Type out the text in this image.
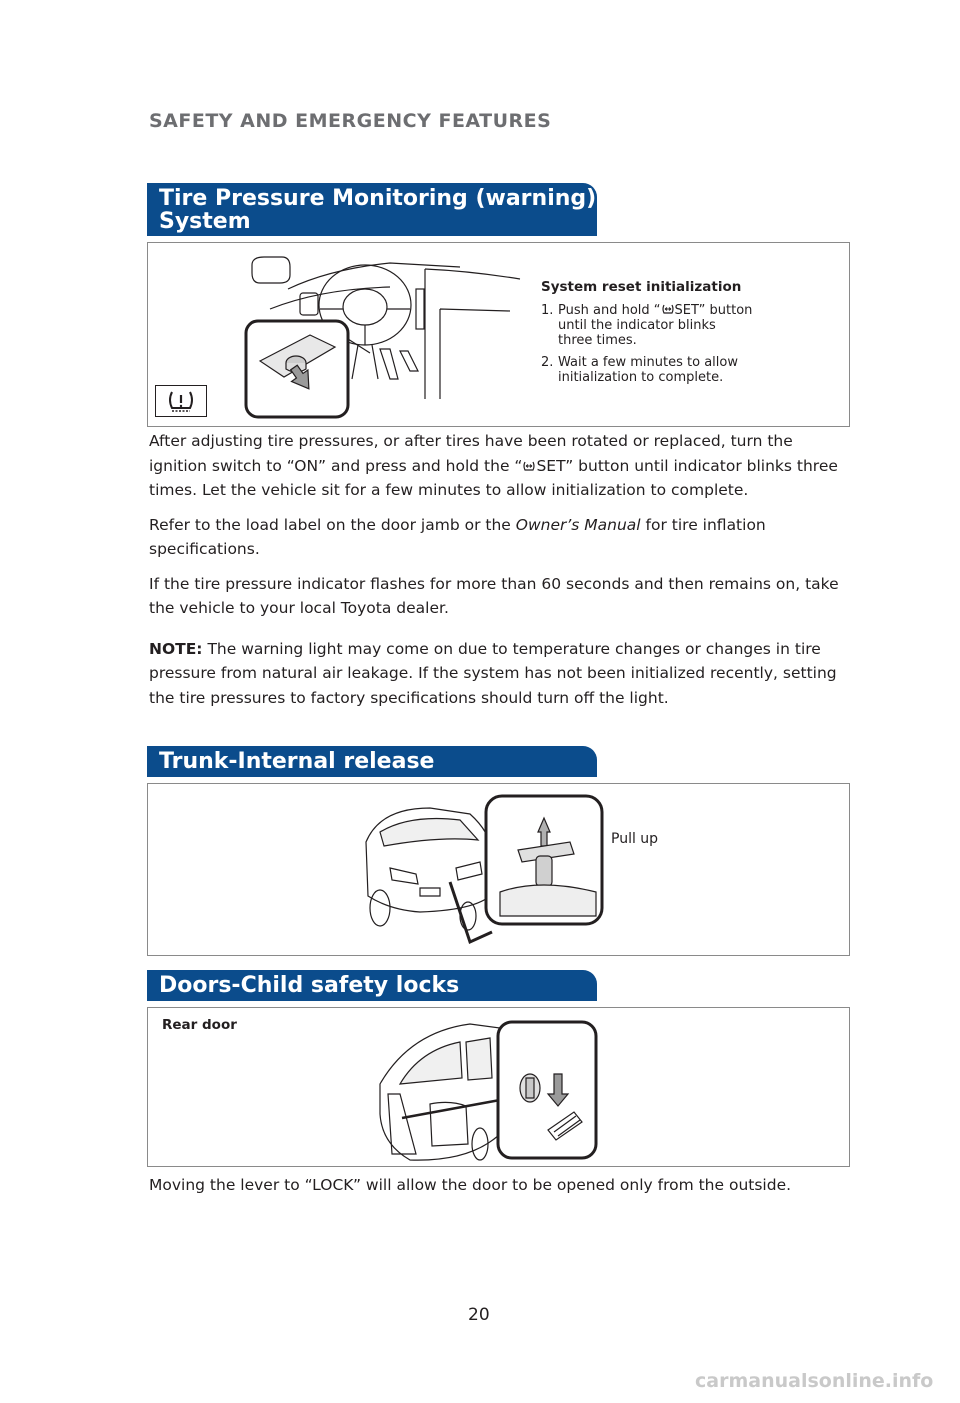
SAFETY AND EMERGENCY FEATURES
Tire Pressure Monitoring (warning)
System
System reset initialization
1. Push and hold “ SET” button
until the indicator blinks
three times.
2. Wait a few minutes to allow
initialization to complete.

After adjusting tire pressures, or after tires have been rotated or replaced, turn the ignition switch to “ON” and press and hold the “ SET” button until indicator blinks three times. Let the vehicle sit for a few minutes to allow initialization to complete.

Refer to the load label on the door jamb or the Owner’s Manual for tire inflation specifications.

If the tire pressure indicator flashes for more than 60 seconds and then remains on, take the vehicle to your local Toyota dealer.

NOTE: The warning light may come on due to temperature changes or changes in tire pressure from natural air leakage. If the system has not been initialized recently, setting the tire pressures to factory specifications should turn off the light.

Trunk-Internal release
Pull up
Doors-Child safety locks
Rear door
Moving the lever to “LOCK” will allow the door to be opened only from the outside.
20
carmanualsonline.info
